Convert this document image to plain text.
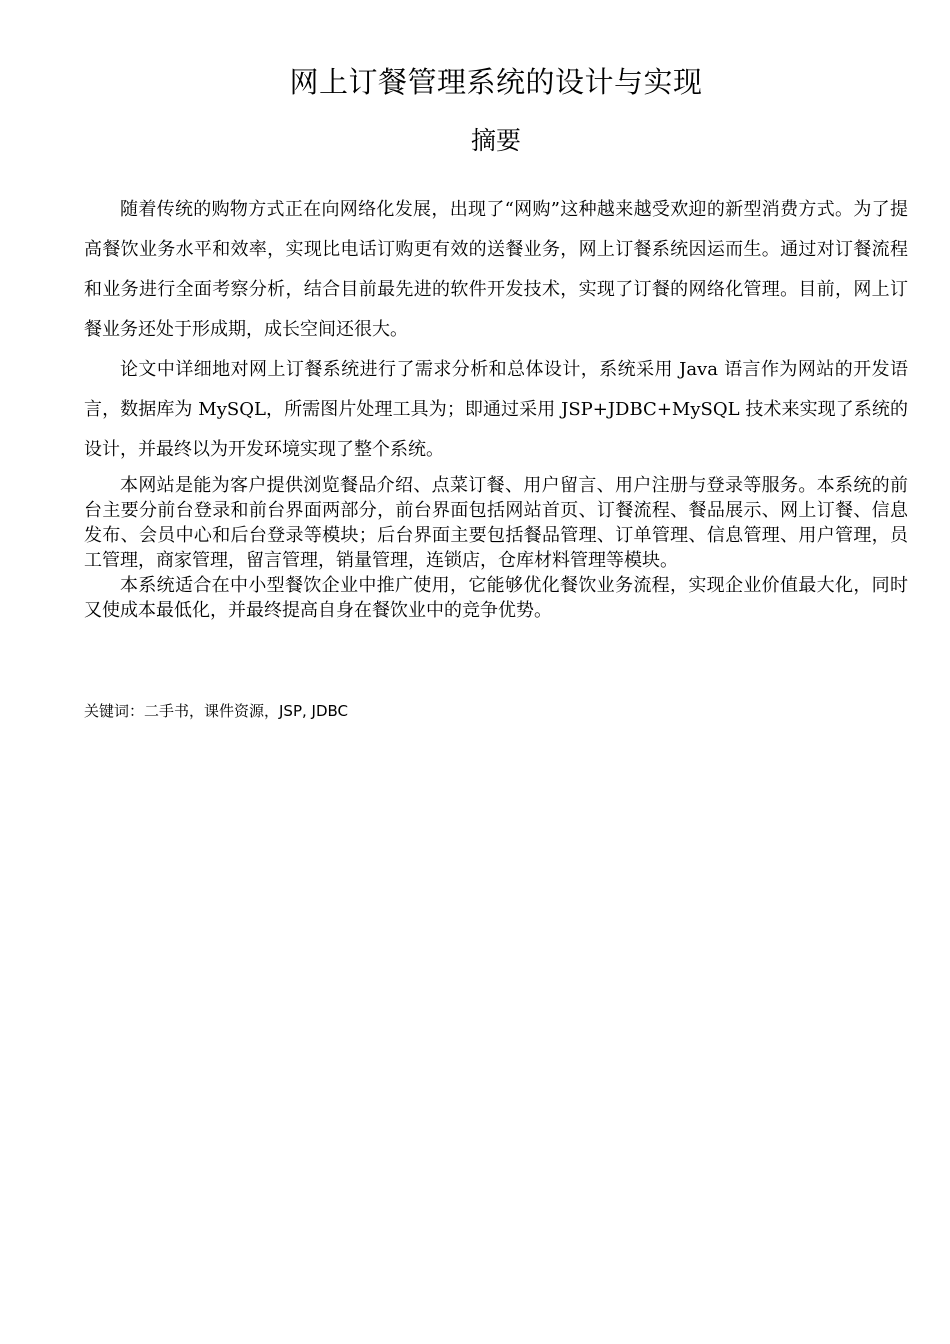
网上订餐管理系统的设计与实现
摘要

随着传统的购物方式正在向网络化发展，出现了“网购”这种越来越受欢迎的新型消费方式。为了提高餐饮业务水平和效率，实现比电话订购更有效的送餐业务，网上订餐系统因运而生。通过对订餐流程和业务进行全面考察分析，结合目前最先进的软件开发技术，实现了订餐的网络化管理。目前，网上订餐业务还处于形成期，成长空间还很大。

论文中详细地对网上订餐系统进行了需求分析和总体设计，系统采用 Java 语言作为网站的开发语言，数据库为 MySQL，所需图片处理工具为；即通过采用 JSP+JDBC+MySQL 技术来实现了系统的设计，并最终以为开发环境实现了整个系统。

本网站是能为客户提供浏览餐品介绍、点菜订餐、用户留言、用户注册与登录等服务。本系统的前台主要分前台登录和前台界面两部分，前台界面包括网站首页、订餐流程、餐品展示、网上订餐、信息发布、会员中心和后台登录等模块；后台界面主要包括餐品管理、订单管理、信息管理、用户管理，员工管理，商家管理，留言管理，销量管理，连锁店，仓库材料管理等模块。

本系统适合在中小型餐饮企业中推广使用，它能够优化餐饮业务流程，实现企业价值最大化，同时又使成本最低化，并最终提高自身在餐饮业中的竞争优势。

关键词：二手书，课件资源，JSP, JDBC
